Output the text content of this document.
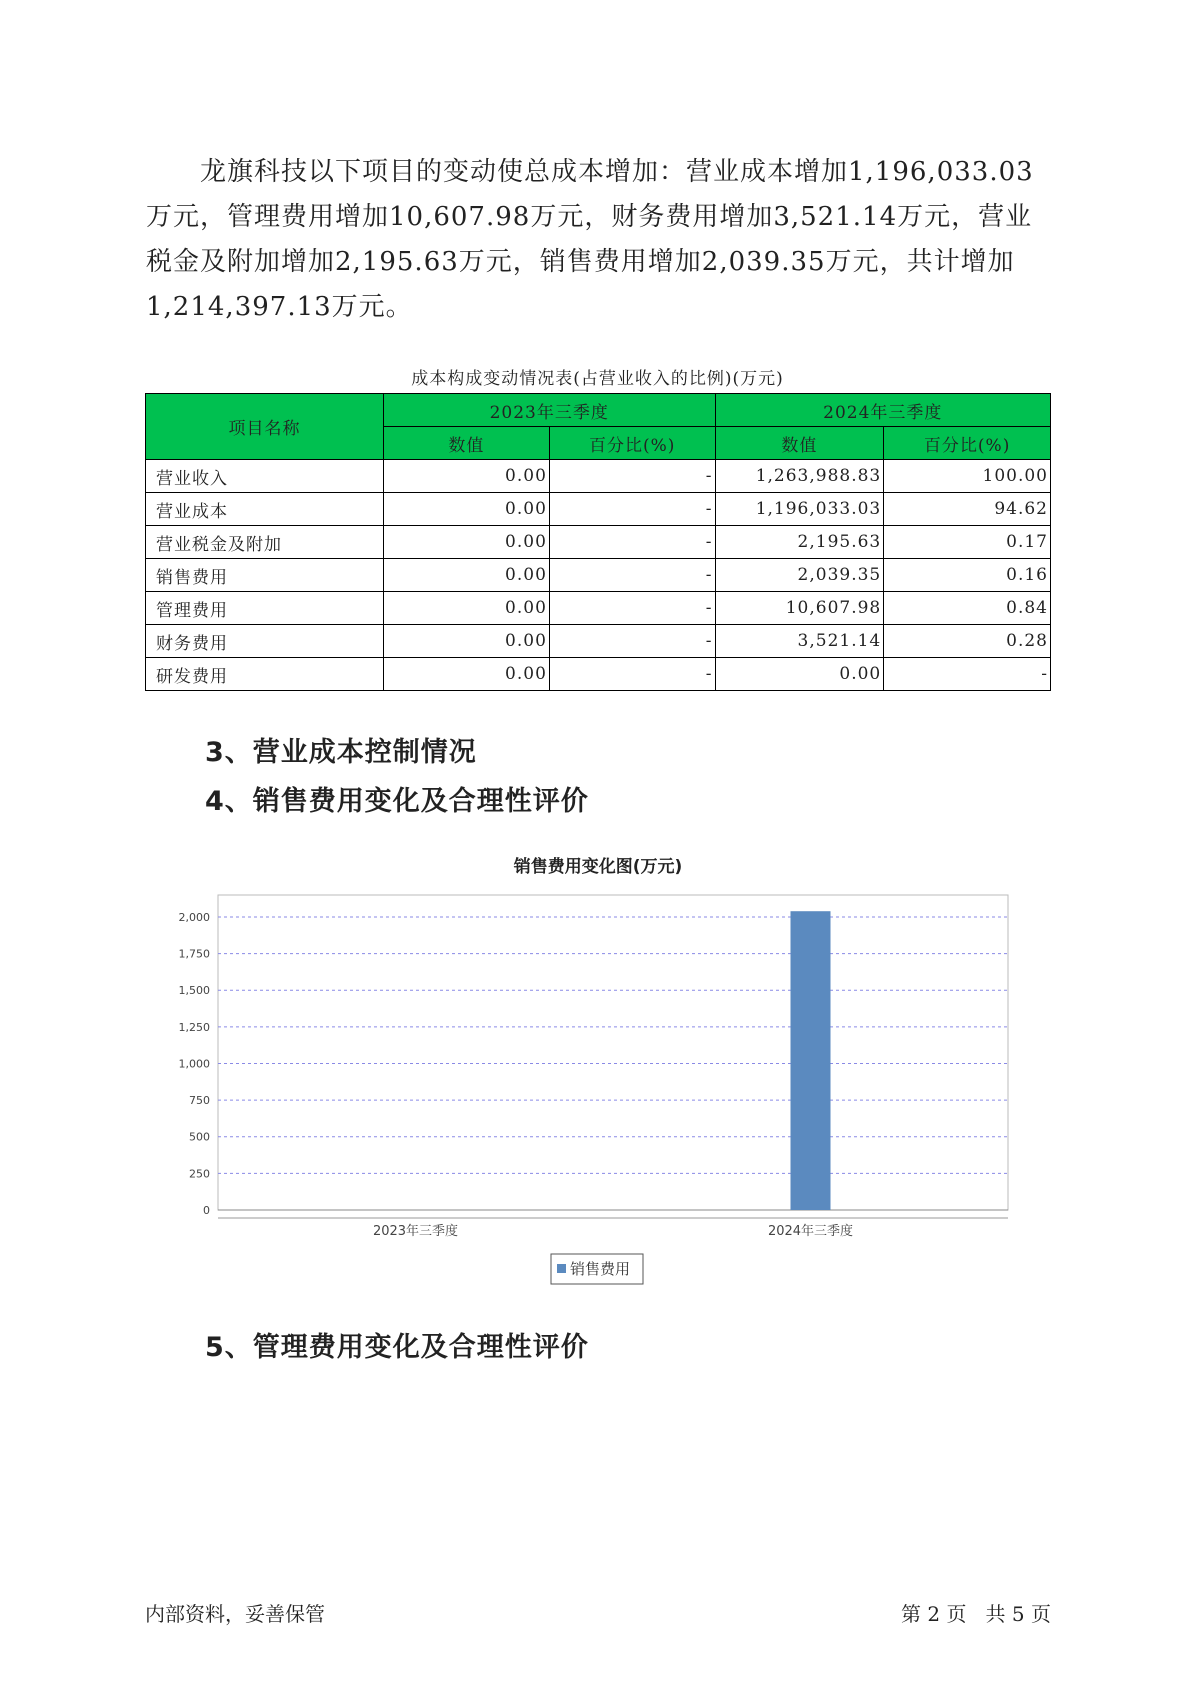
龙旗科技以下项目的变动使总成本增加：营业成本增加1,196,033.03万元，管理费用增加10,607.98万元，财务费用增加3,521.14万元，营业税金及附加增加2,195.63万元，销售费用增加2,039.35万元，共计增加1,214,397.13万元。

成本构成变动情况表(占营业收入的比例)(万元)
项目名称	2023年三季度		2024年三季度	
	数值	百分比(%)	数值	百分比(%)
营业收入	0.00	-	1,263,988.83	100.00
营业成本	0.00	-	1,196,033.03	94.62
营业税金及附加	0.00	-	2,195.63	0.17
销售费用	0.00	-	2,039.35	0.16
管理费用	0.00	-	10,607.98	0.84
财务费用	0.00	-	3,521.14	0.28
研发费用	0.00	-	0.00	-
3、营业成本控制情况
4、销售费用变化及合理性评价
销售费用变化图(万元)
0
250
500
750
1,000
1,250
1,500
1,750
2,000
2023年三季度	2024年三季度
销售费用
5、管理费用变化及合理性评价
内部资料，妥善保管	第 2 页   共 5 页
